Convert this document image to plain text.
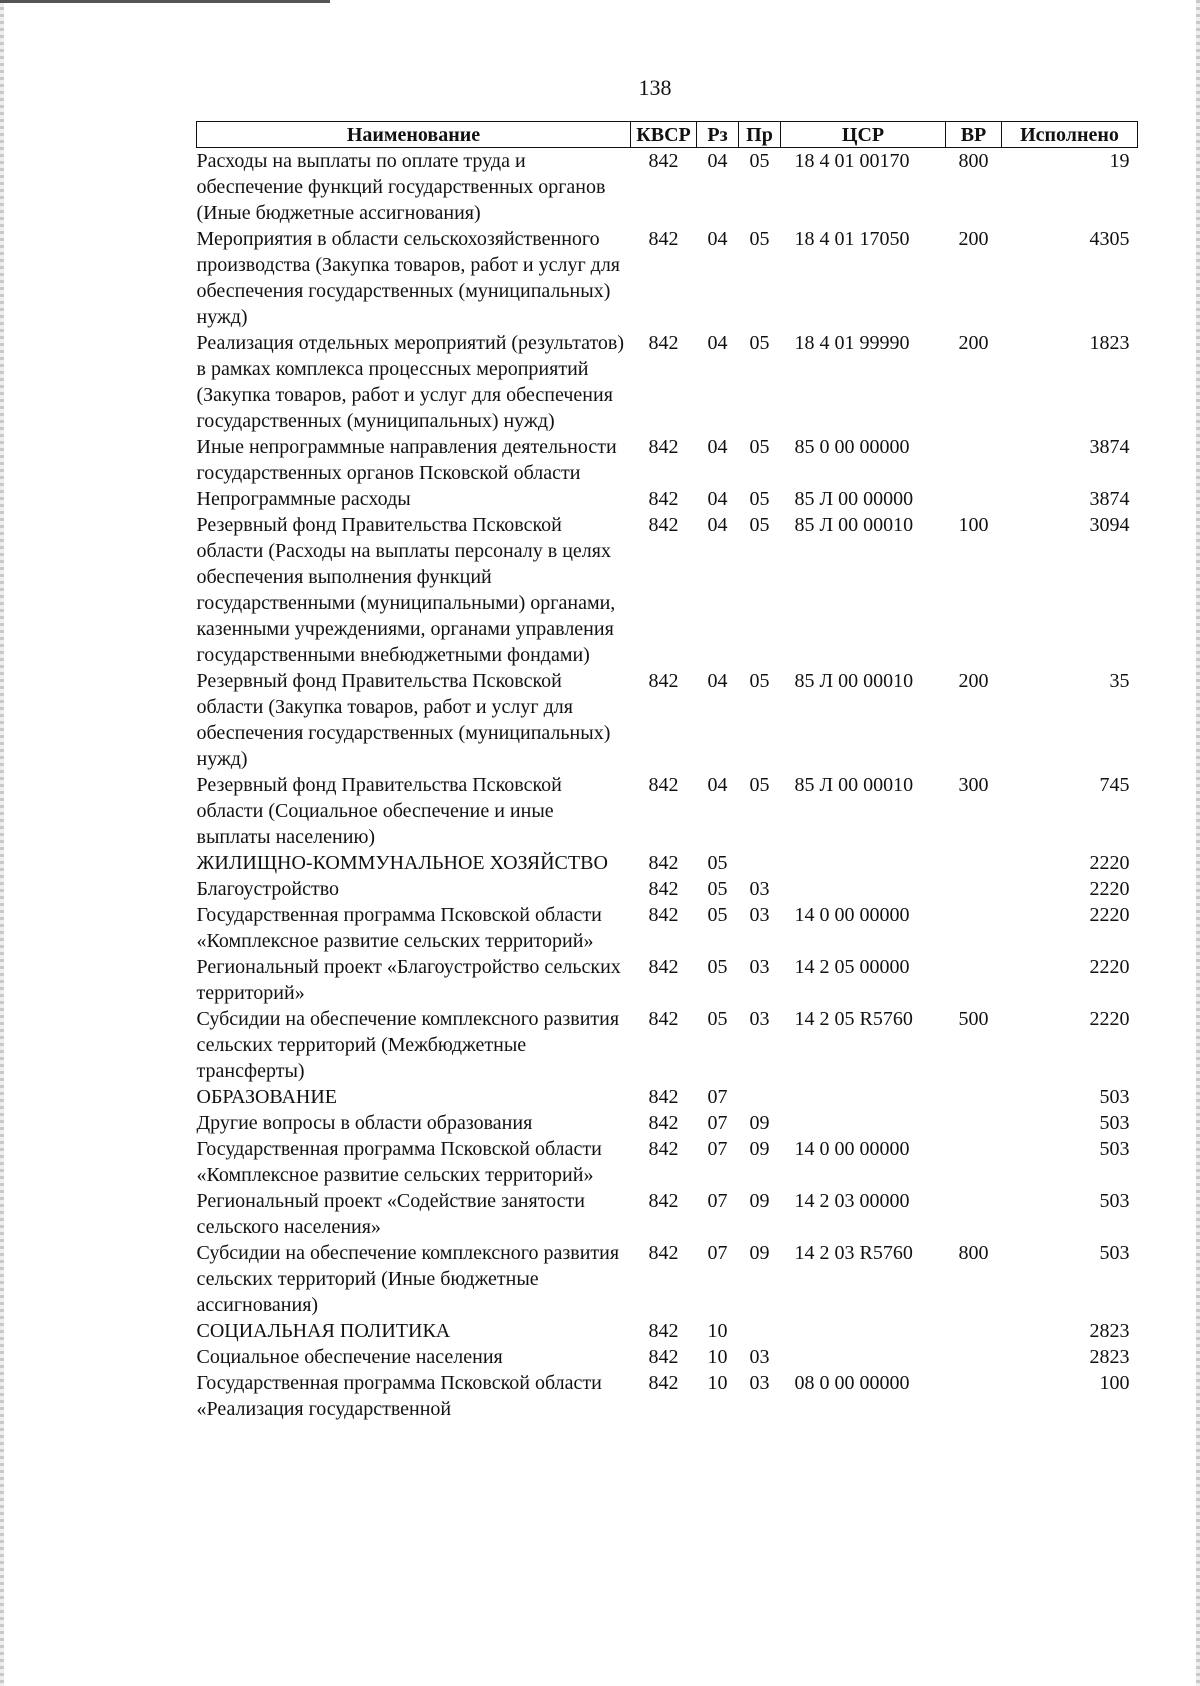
138
Наименование	КВСР	Рз	Пр	ЦСР	ВР	Исполнено
Расходы на выплаты по оплате труда и обеспечение функций государственных органов (Иные бюджетные ассигнования)	842	04	05	18 4 01 00170	800	19
Мероприятия в области сельскохозяйственного производства (Закупка товаров, работ и услуг для обеспечения государственных (муниципальных) нужд)	842	04	05	18 4 01 17050	200	4305
Реализация отдельных мероприятий (результатов) в рамках комплекса процессных мероприятий (Закупка товаров, работ и услуг для обеспечения государственных (муниципальных) нужд)	842	04	05	18 4 01 99990	200	1823
Иные непрограммные направления деятельности государственных органов Псковской области	842	04	05	85 0 00 00000		3874
Непрограммные расходы	842	04	05	85 Л 00 00000		3874
Резервный фонд Правительства Псковской области (Расходы на выплаты персоналу в целях обеспечения выполнения функций государственными (муниципальными) органами, казенными учреждениями, органами управления государственными внебюджетными фондами)	842	04	05	85 Л 00 00010	100	3094
Резервный фонд Правительства Псковской области (Закупка товаров, работ и услуг для обеспечения государственных (муниципальных) нужд)	842	04	05	85 Л 00 00010	200	35
Резервный фонд Правительства Псковской области (Социальное обеспечение и иные выплаты населению)	842	04	05	85 Л 00 00010	300	745
ЖИЛИЩНО-КОММУНАЛЬНОЕ ХОЗЯЙСТВО	842	05				2220
Благоустройство	842	05	03			2220
Государственная программа Псковской области «Комплексное развитие сельских территорий»	842	05	03	14 0 00 00000		2220
Региональный проект «Благоустройство сельских территорий»	842	05	03	14 2 05 00000		2220
Субсидии на обеспечение комплексного развития сельских территорий (Межбюджетные трансферты)	842	05	03	14 2 05 R5760	500	2220
ОБРАЗОВАНИЕ	842	07				503
Другие вопросы в области образования	842	07	09			503
Государственная программа Псковской области «Комплексное развитие сельских территорий»	842	07	09	14 0 00 00000		503
Региональный проект «Содействие занятости сельского населения»	842	07	09	14 2 03 00000		503
Субсидии на обеспечение комплексного развития сельских территорий (Иные бюджетные ассигнования)	842	07	09	14 2 03 R5760	800	503
СОЦИАЛЬНАЯ ПОЛИТИКА	842	10				2823
Социальное обеспечение населения	842	10	03			2823
Государственная программа Псковской области «Реализация государственной	842	10	03	08 0 00 00000		100
